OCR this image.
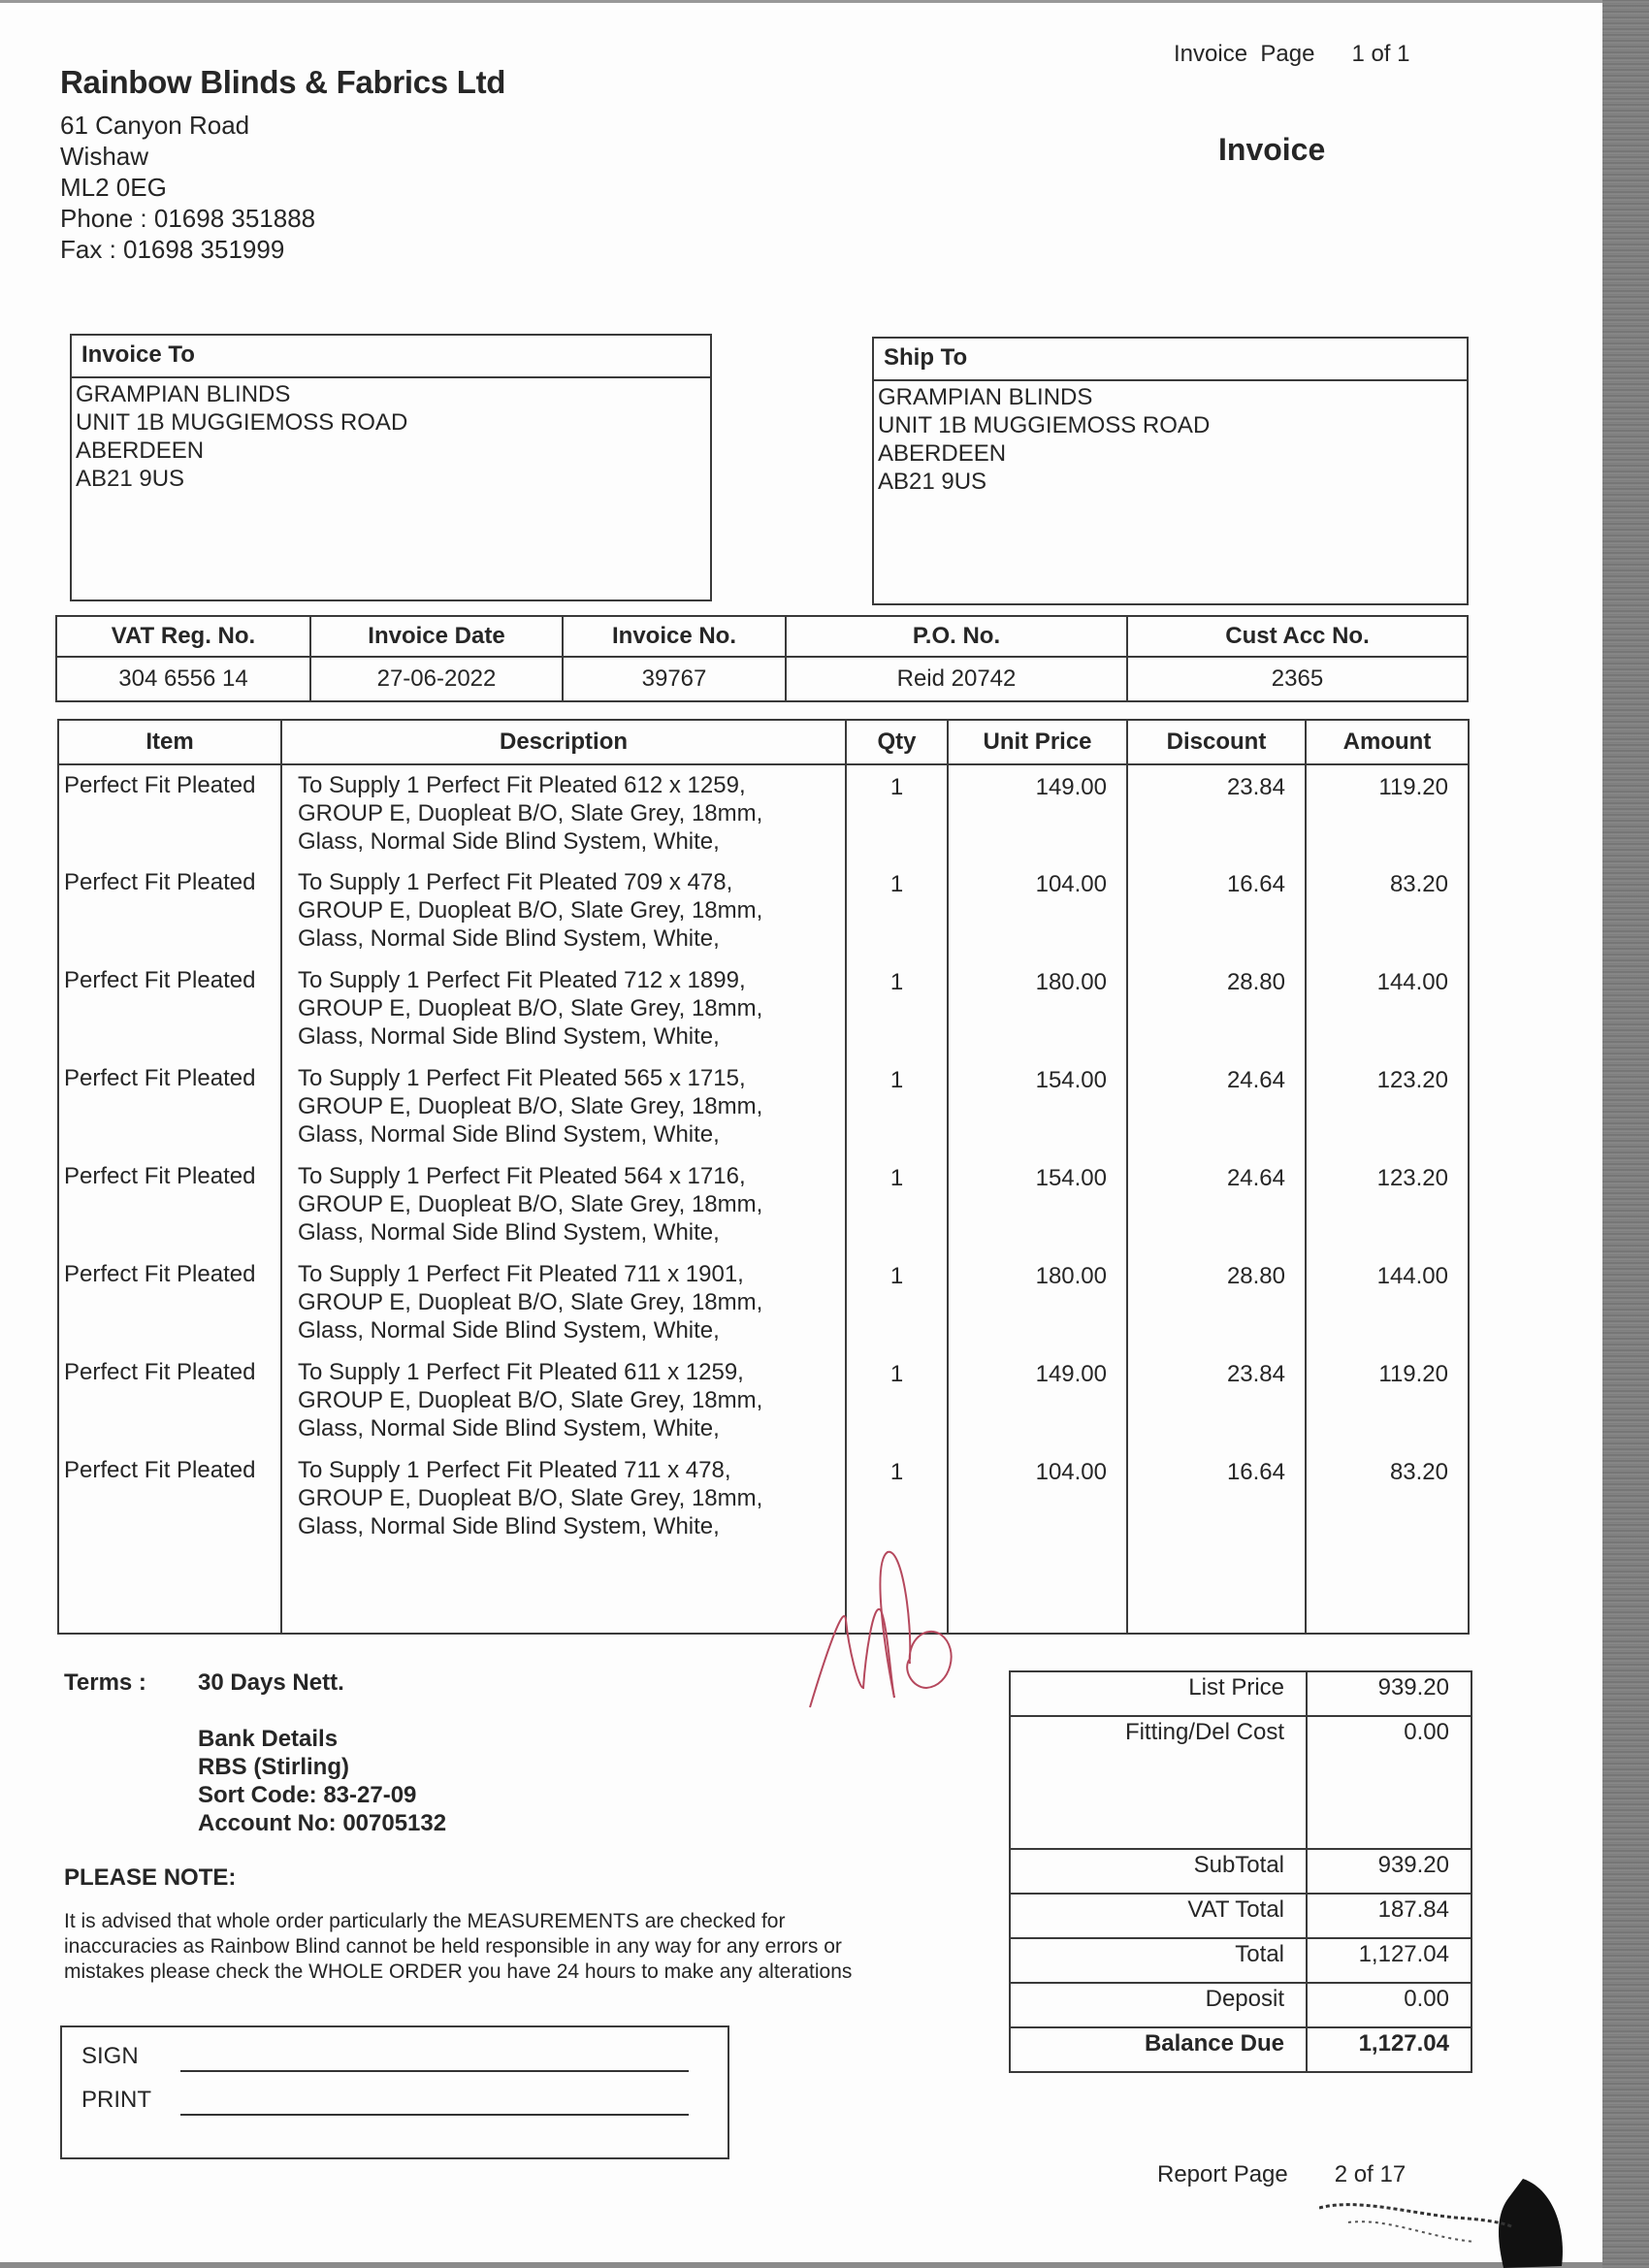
Rainbow Blinds & Fabrics Ltd
61 Canyon Road
Wishaw
ML2 0EG
Phone : 01698 351888
Fax : 01698 351999
Invoice  Page 1 of 1
Invoice
Invoice To
GRAMPIAN BLINDS
UNIT 1B MUGGIEMOSS ROAD
ABERDEEN
AB21 9US
Ship To
GRAMPIAN BLINDS
UNIT 1B MUGGIEMOSS ROAD
ABERDEEN
AB21 9US
VAT Reg. No.	Invoice Date	Invoice No.	P.O. No.	Cust Acc No.
304 6556 14	27-06-2022	39767	Reid 20742	2365
Item	Description	Qty	Unit Price	Discount	Amount
Perfect Fit Pleated	To Supply 1 Perfect Fit Pleated 612 x 1259,
GROUP E, Duopleat B/O, Slate Grey, 18mm,
Glass, Normal Side Blind System, White,	1	149.00	23.84	119.20
Perfect Fit Pleated	To Supply 1 Perfect Fit Pleated 709 x 478,
GROUP E, Duopleat B/O, Slate Grey, 18mm,
Glass, Normal Side Blind System, White,	1	104.00	16.64	83.20
Perfect Fit Pleated	To Supply 1 Perfect Fit Pleated 712 x 1899,
GROUP E, Duopleat B/O, Slate Grey, 18mm,
Glass, Normal Side Blind System, White,	1	180.00	28.80	144.00
Perfect Fit Pleated	To Supply 1 Perfect Fit Pleated 565 x 1715,
GROUP E, Duopleat B/O, Slate Grey, 18mm,
Glass, Normal Side Blind System, White,	1	154.00	24.64	123.20
Perfect Fit Pleated	To Supply 1 Perfect Fit Pleated 564 x 1716,
GROUP E, Duopleat B/O, Slate Grey, 18mm,
Glass, Normal Side Blind System, White,	1	154.00	24.64	123.20
Perfect Fit Pleated	To Supply 1 Perfect Fit Pleated 711 x 1901,
GROUP E, Duopleat B/O, Slate Grey, 18mm,
Glass, Normal Side Blind System, White,	1	180.00	28.80	144.00
Perfect Fit Pleated	To Supply 1 Perfect Fit Pleated 611 x 1259,
GROUP E, Duopleat B/O, Slate Grey, 18mm,
Glass, Normal Side Blind System, White,	1	149.00	23.84	119.20
Perfect Fit Pleated	To Supply 1 Perfect Fit Pleated 711 x 478,
GROUP E, Duopleat B/O, Slate Grey, 18mm,
Glass, Normal Side Blind System, White,	1	104.00	16.64	83.20

Terms : 30 Days Nett.
Bank Details
RBS (Stirling)
Sort Code: 83-27-09
Account No: 00705132
PLEASE NOTE:
It is advised that whole order particularly the MEASUREMENTS are checked for
inaccuracies as Rainbow Blind cannot be held responsible in any way for any errors or
mistakes please check the WHOLE ORDER you have 24 hours to make any alterations
SIGN
PRINT
List Price	939.20
Fitting/Del Cost	0.00
SubTotal	939.20
VAT Total	187.84
Total	1,127.04
Deposit	0.00
Balance Due	1,127.04
Report Page 2 of 17
